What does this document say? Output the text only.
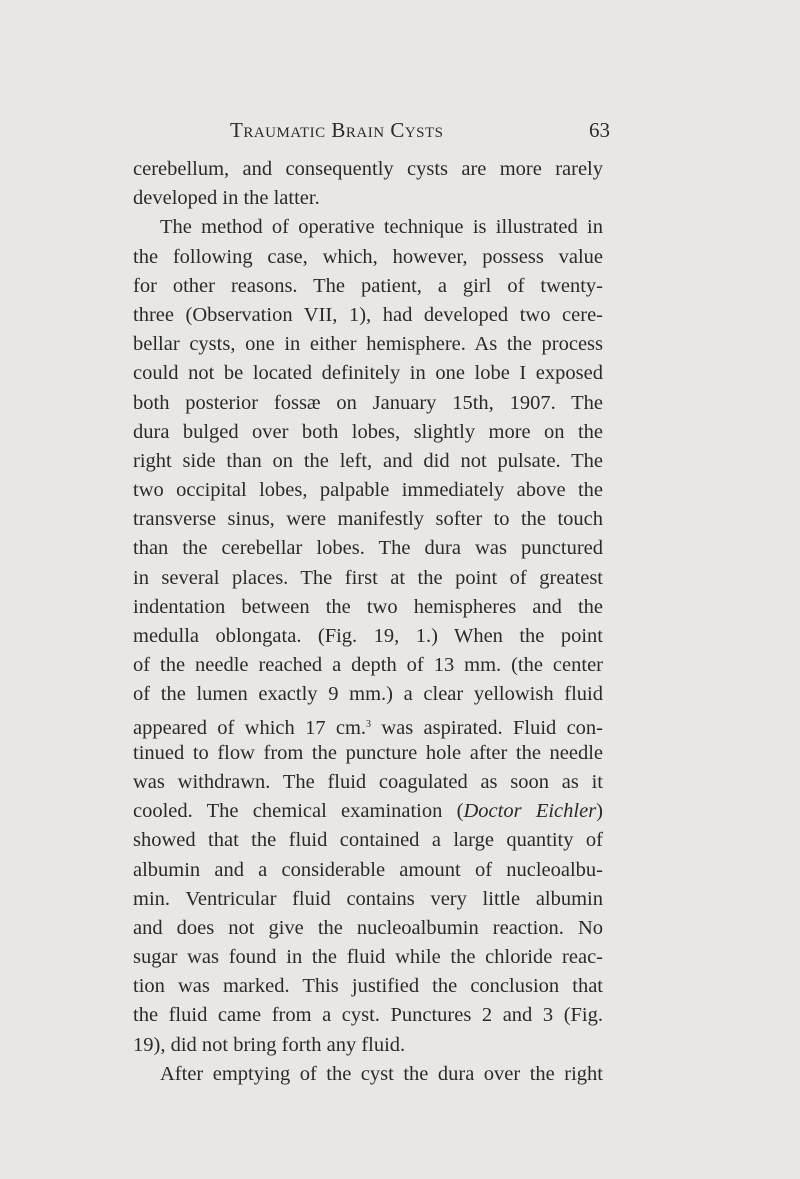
Traumatic Brain Cysts	63
cerebellum, and consequently cysts are more rarely
developed in the latter.
The method of operative technique is illustrated in
the following case, which, however, possess value
for other reasons. The patient, a girl of twenty-
three (Observation VII, 1), had developed two cere-
bellar cysts, one in either hemisphere. As the process
could not be located definitely in one lobe I exposed
both posterior fossæ on January 15th, 1907. The
dura bulged over both lobes, slightly more on the
right side than on the left, and did not pulsate. The
two occipital lobes, palpable immediately above the
transverse sinus, were manifestly softer to the touch
than the cerebellar lobes. The dura was punctured
in several places. The first at the point of greatest
indentation between the two hemispheres and the
medulla oblongata. (Fig. 19, 1.) When the point
of the needle reached a depth of 13 mm. (the center
of the lumen exactly 9 mm.) a clear yellowish fluid
appeared of which 17 cm.$^3$ was aspirated. Fluid con-
tinued to flow from the puncture hole after the needle
was withdrawn. The fluid coagulated as soon as it
cooled. The chemical examination (Doctor Eichler)
showed that the fluid contained a large quantity of
albumin and a considerable amount of nucleoalbu-
min. Ventricular fluid contains very little albumin
and does not give the nucleoalbumin reaction. No
sugar was found in the fluid while the chloride reac-
tion was marked. This justified the conclusion that
the fluid came from a cyst. Punctures 2 and 3 (Fig.
19), did not bring forth any fluid.
After emptying of the cyst the dura over the right
